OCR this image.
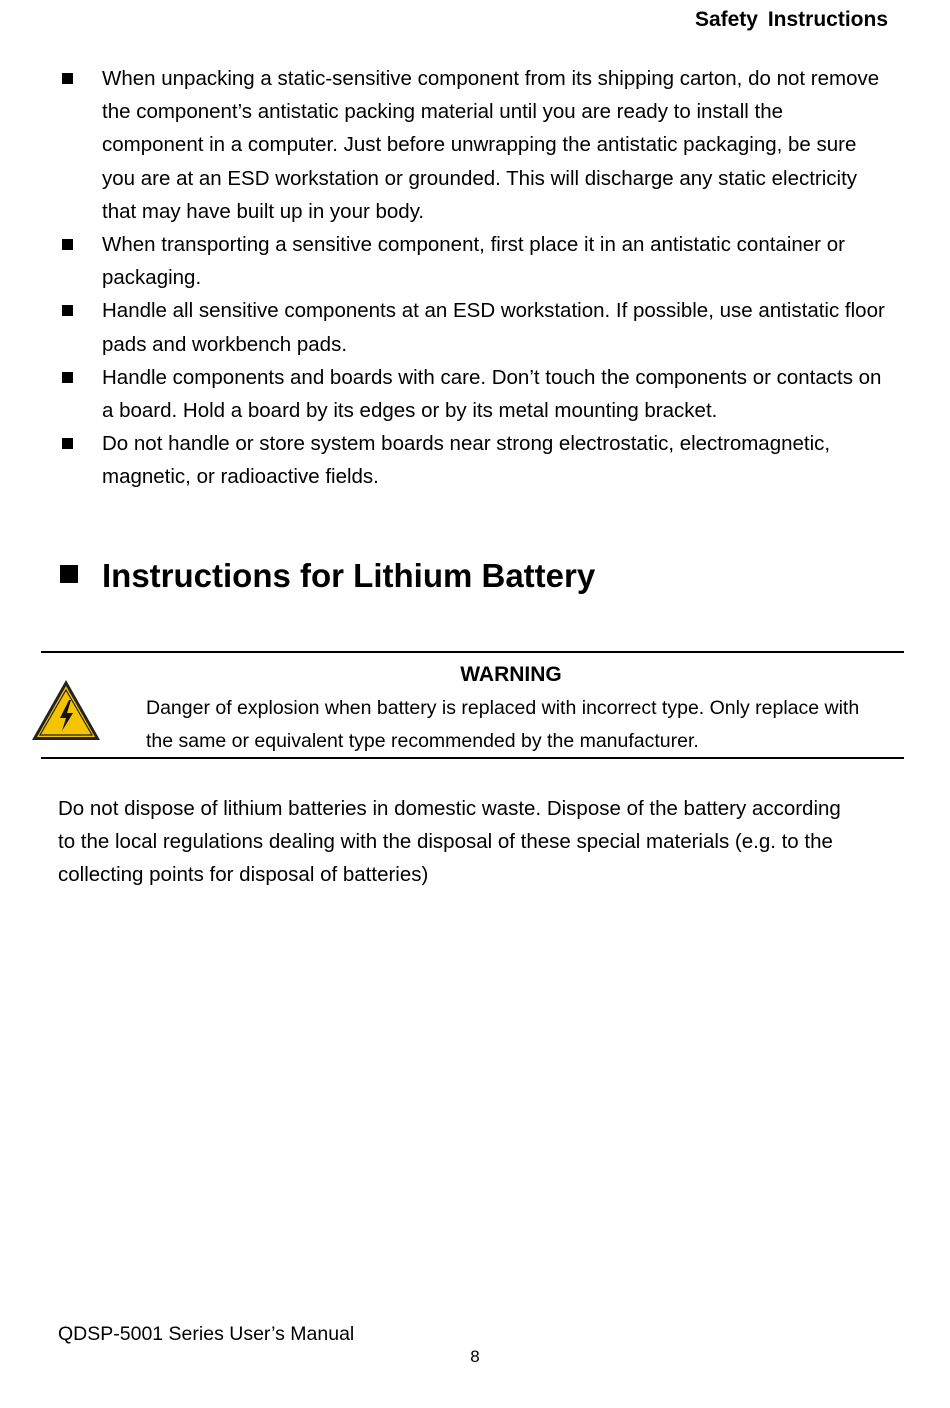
Safety Instructions
When unpacking a static-sensitive component from its shipping carton, do not remove the component’s antistatic packing material until you are ready to install the component in a computer. Just before unwrapping the antistatic packaging, be sure you are at an ESD workstation or grounded. This will discharge any static electricity that may have built up in your body.
When transporting a sensitive component, first place it in an antistatic container or packaging.
Handle all sensitive components at an ESD workstation. If possible, use antistatic floor pads and workbench pads.
Handle components and boards with care. Don’t touch the components or contacts on a board. Hold a board by its edges or by its metal mounting bracket.
Do not handle or store system boards near strong electrostatic, electromagnetic, magnetic, or radioactive fields.
Instructions for Lithium Battery
WARNING
Danger of explosion when battery is replaced with incorrect type. Only replace with the same or equivalent type recommended by the manufacturer.
Do not dispose of lithium batteries in domestic waste. Dispose of the battery according to the local regulations dealing with the disposal of these special materials (e.g. to the collecting points for disposal of batteries)
QDSP-5001 Series User’s Manual
8
